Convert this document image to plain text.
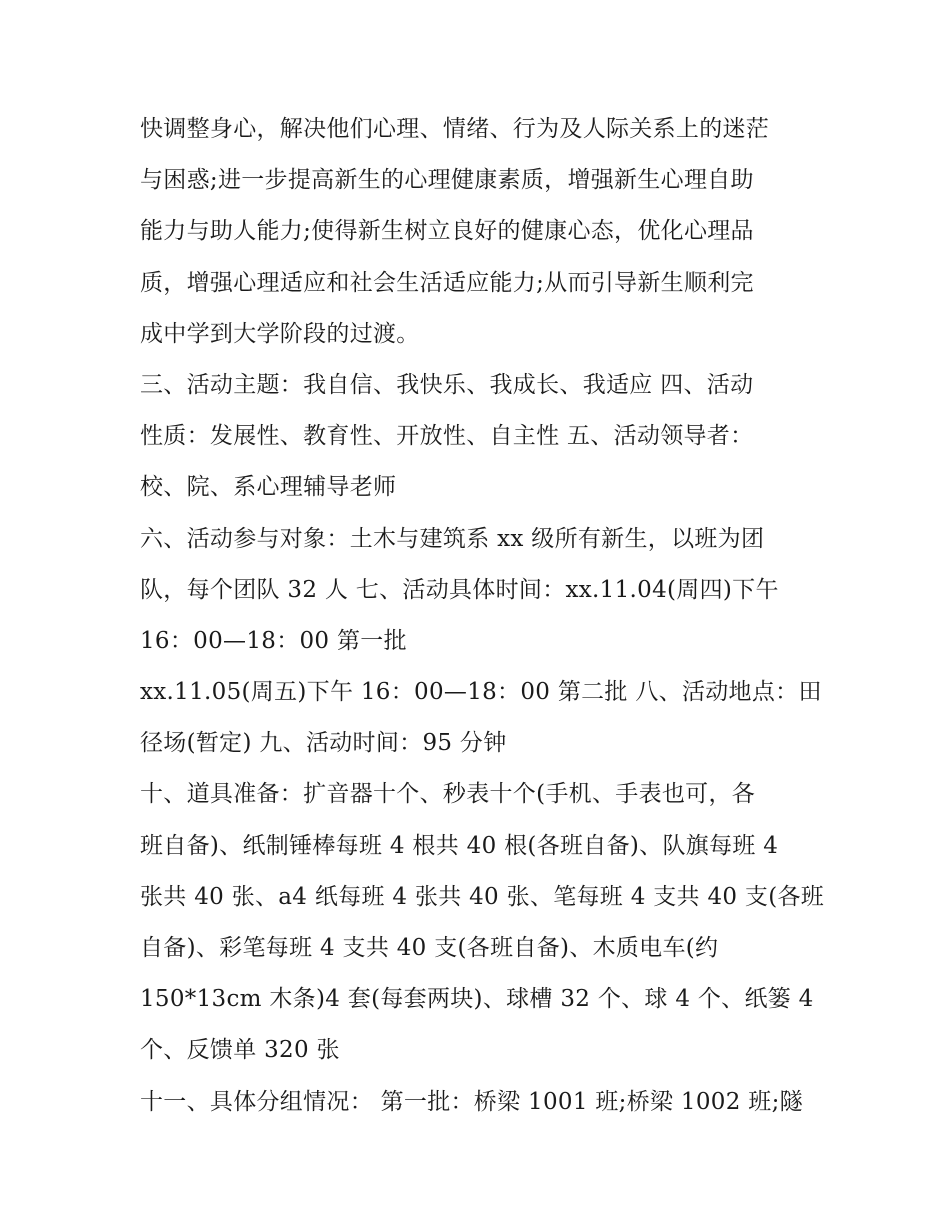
快调整身心，解决他们心理、情绪、行为及人际关系上的迷茫
与困惑;进一步提高新生的心理健康素质，增强新生心理自助
能力与助人能力;使得新生树立良好的健康心态，优化心理品
质，增强心理适应和社会生活适应能力;从而引导新生顺利完
成中学到大学阶段的过渡。
三、活动主题：我自信、我快乐、我成长、我适应 四、活动
性质：发展性、教育性、开放性、自主性 五、活动领导者：
校、院、系心理辅导老师
六、活动参与对象：土木与建筑系 xx 级所有新生，以班为团
队，每个团队 32 人 七、活动具体时间：xx.11.04(周四)下午
16：00—18：00 第一批
xx.11.05(周五)下午 16：00—18：00 第二批 八、活动地点：田
径场(暂定) 九、活动时间：95 分钟
十、道具准备：扩音器十个、秒表十个(手机、手表也可，各
班自备)、纸制锤棒每班 4 根共 40 根(各班自备)、队旗每班 4
张共 40 张、a4 纸每班 4 张共 40 张、笔每班 4 支共 40 支(各班
自备)、彩笔每班 4 支共 40 支(各班自备)、木质电车(约
150*13cm 木条)4 套(每套两块)、球槽 32 个、球 4 个、纸篓 4
个、反馈单 320 张
十一、具体分组情况： 第一批：桥梁 1001 班;桥梁 1002 班;隧
